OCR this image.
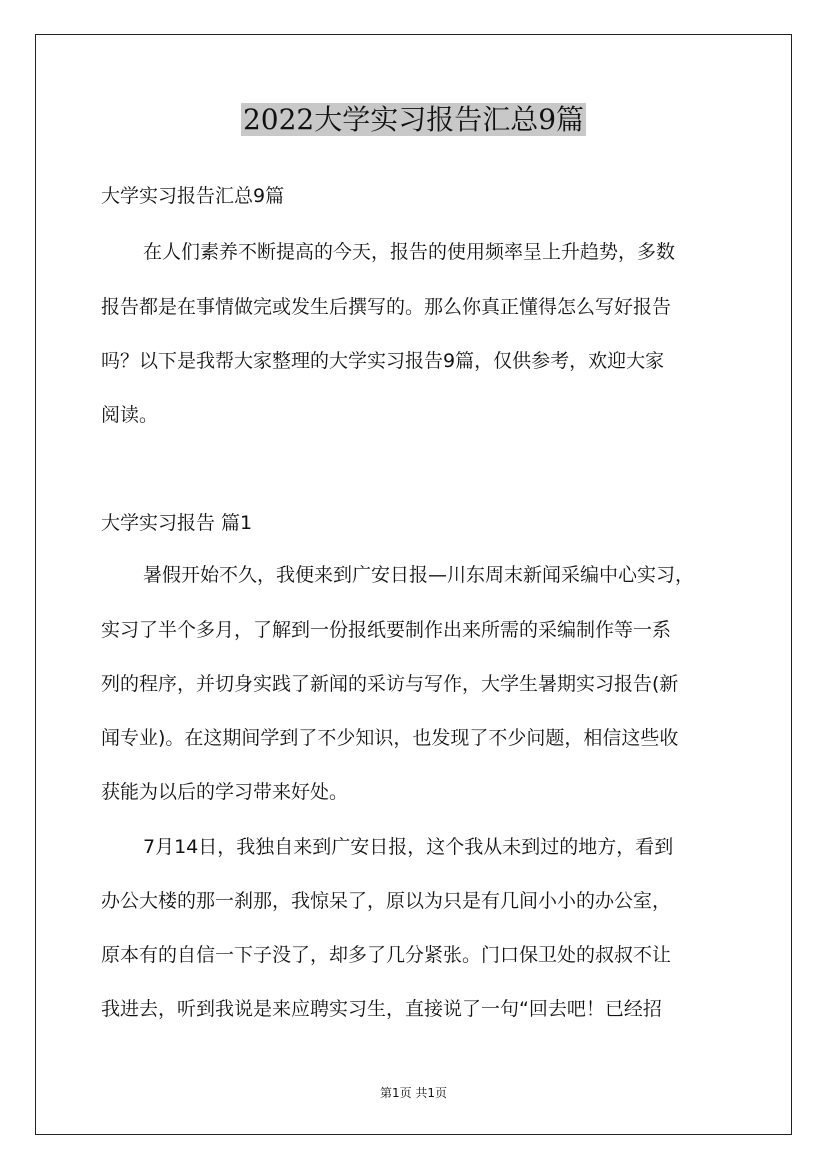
2022大学实习报告汇总9篇
大学实习报告汇总9篇
在人们素养不断提高的今天，报告的使用频率呈上升趋势，多数
报告都是在事情做完或发生后撰写的。那么你真正懂得怎么写好报告
吗？以下是我帮大家整理的大学实习报告9篇，仅供参考，欢迎大家
阅读。
大学实习报告 篇1
暑假开始不久，我便来到广安日报—川东周末新闻采编中心实习，
实习了半个多月，了解到一份报纸要制作出来所需的采编制作等一系
列的程序，并切身实践了新闻的采访与写作，大学生暑期实习报告(新
闻专业)。在这期间学到了不少知识，也发现了不少问题，相信这些收
获能为以后的学习带来好处。
7月14日，我独自来到广安日报，这个我从未到过的地方，看到
办公大楼的那一刹那，我惊呆了，原以为只是有几间小小的办公室，
原本有的自信一下子没了，却多了几分紧张。门口保卫处的叔叔不让
我进去，听到我说是来应聘实习生，直接说了一句“回去吧！已经招
第1页 共1页
